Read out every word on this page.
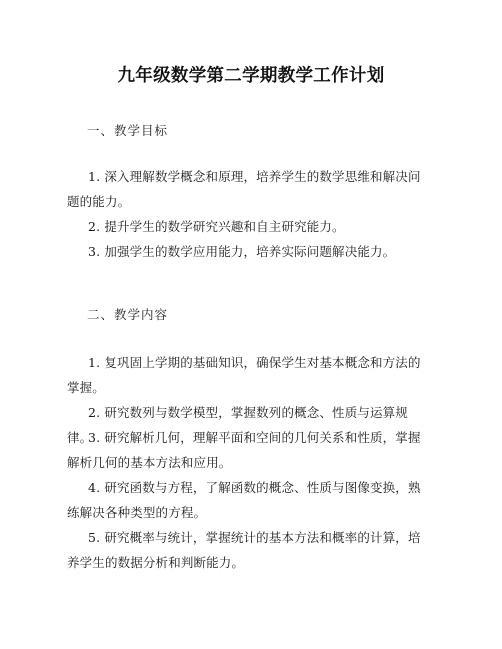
九年级数学第二学期教学工作计划
一、教学目标
1. 深入理解数学概念和原理，培养学生的数学思维和解决问题的能力。
2. 提升学生的数学研究兴趣和自主研究能力。
3. 加强学生的数学应用能力，培养实际问题解决能力。
二、教学内容
1. 复巩固上学期的基础知识，确保学生对基本概念和方法的掌握。
2. 研究数列与数学模型，掌握数列的概念、性质与运算规律。
3. 研究解析几何，理解平面和空间的几何关系和性质，掌握解析几何的基本方法和应用。
4. 研究函数与方程，了解函数的概念、性质与图像变换，熟练解决各种类型的方程。
5. 研究概率与统计，掌握统计的基本方法和概率的计算，培养学生的数据分析和判断能力。
